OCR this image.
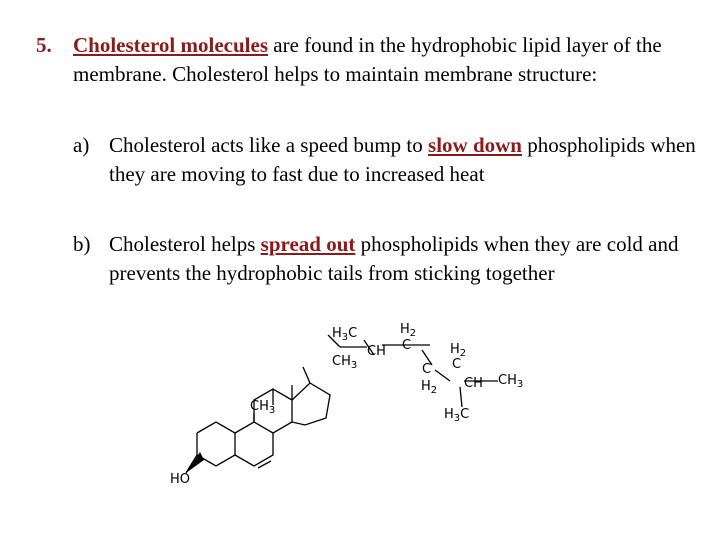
5. Cholesterol molecules are found in the hydrophobic lipid layer of the membrane. Cholesterol helps to maintain membrane structure:
a) Cholesterol acts like a speed bump to slow down phospholipids when they are moving to fast due to increased heat
b) Cholesterol helps spread out phospholipids when they are cold and prevents the hydrophobic tails from sticking together
$H_3C$
$CH_3$
CH
$H_2$
C	$H_2$
C
C
$H_2$ CH $CH_3$
$H_3C$
$CH_3$
HO
